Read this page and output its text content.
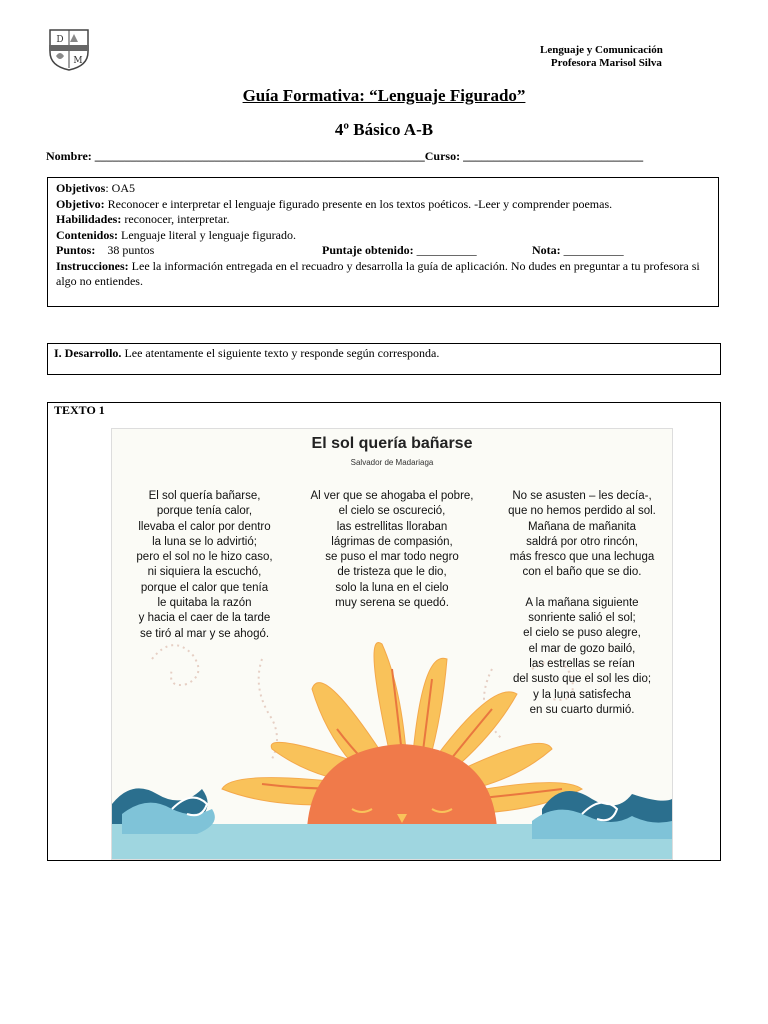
D
M
Lenguaje y Comunicación
Profesora Marisol Silva
Guía Formativa: “Lenguaje Figurado”
4º Básico A-B
Nombre: _______________________________________________________Curso: ______________________________

Objetivos: OA5

Objetivo: Reconocer e interpretar el lenguaje figurado presente en los textos poéticos. -Leer y comprender poemas.

Habilidades: reconocer, interpretar.

Contenidos: Lenguaje literal y lenguaje figurado.

Puntos: 38 puntos	Puntaje obtenido: __________	Nota: __________

Instrucciones: Lee la información entregada en el recuadro y desarrolla la guía de aplicación. No dudes en preguntar a tu profesora si algo no entiendes.

I. Desarrollo. Lee atentamente el siguiente texto y responde según corresponda.
TEXTO 1
El sol quería bañarse
Salvador de Madariaga
El sol quería bañarse,
porque tenía calor,
llevaba el calor por dentro
la luna se lo advirtió;
pero el sol no le hizo caso,
ni siquiera la escuchó,
porque el calor que tenía
le quitaba la razón
y hacia el caer de la tarde
se tiró al mar y se ahogó.
Al ver que se ahogaba el pobre,
el cielo se oscureció,
las estrellitas lloraban
lágrimas de compasión,
se puso el mar todo negro
de tristeza que le dio,
solo la luna en el cielo
muy serena se quedó.
No se asusten – les decía-,
que no hemos perdido al sol.
Mañana de mañanita
saldrá por otro rincón,
más fresco que una lechuga
con el baño que se dio.
A la mañana siguiente
sonriente salió el sol;
el cielo se puso alegre,
el mar de gozo bailó,
las estrellas se reían
del susto que el sol les dio;
y la luna satisfecha
en su cuarto durmió.
